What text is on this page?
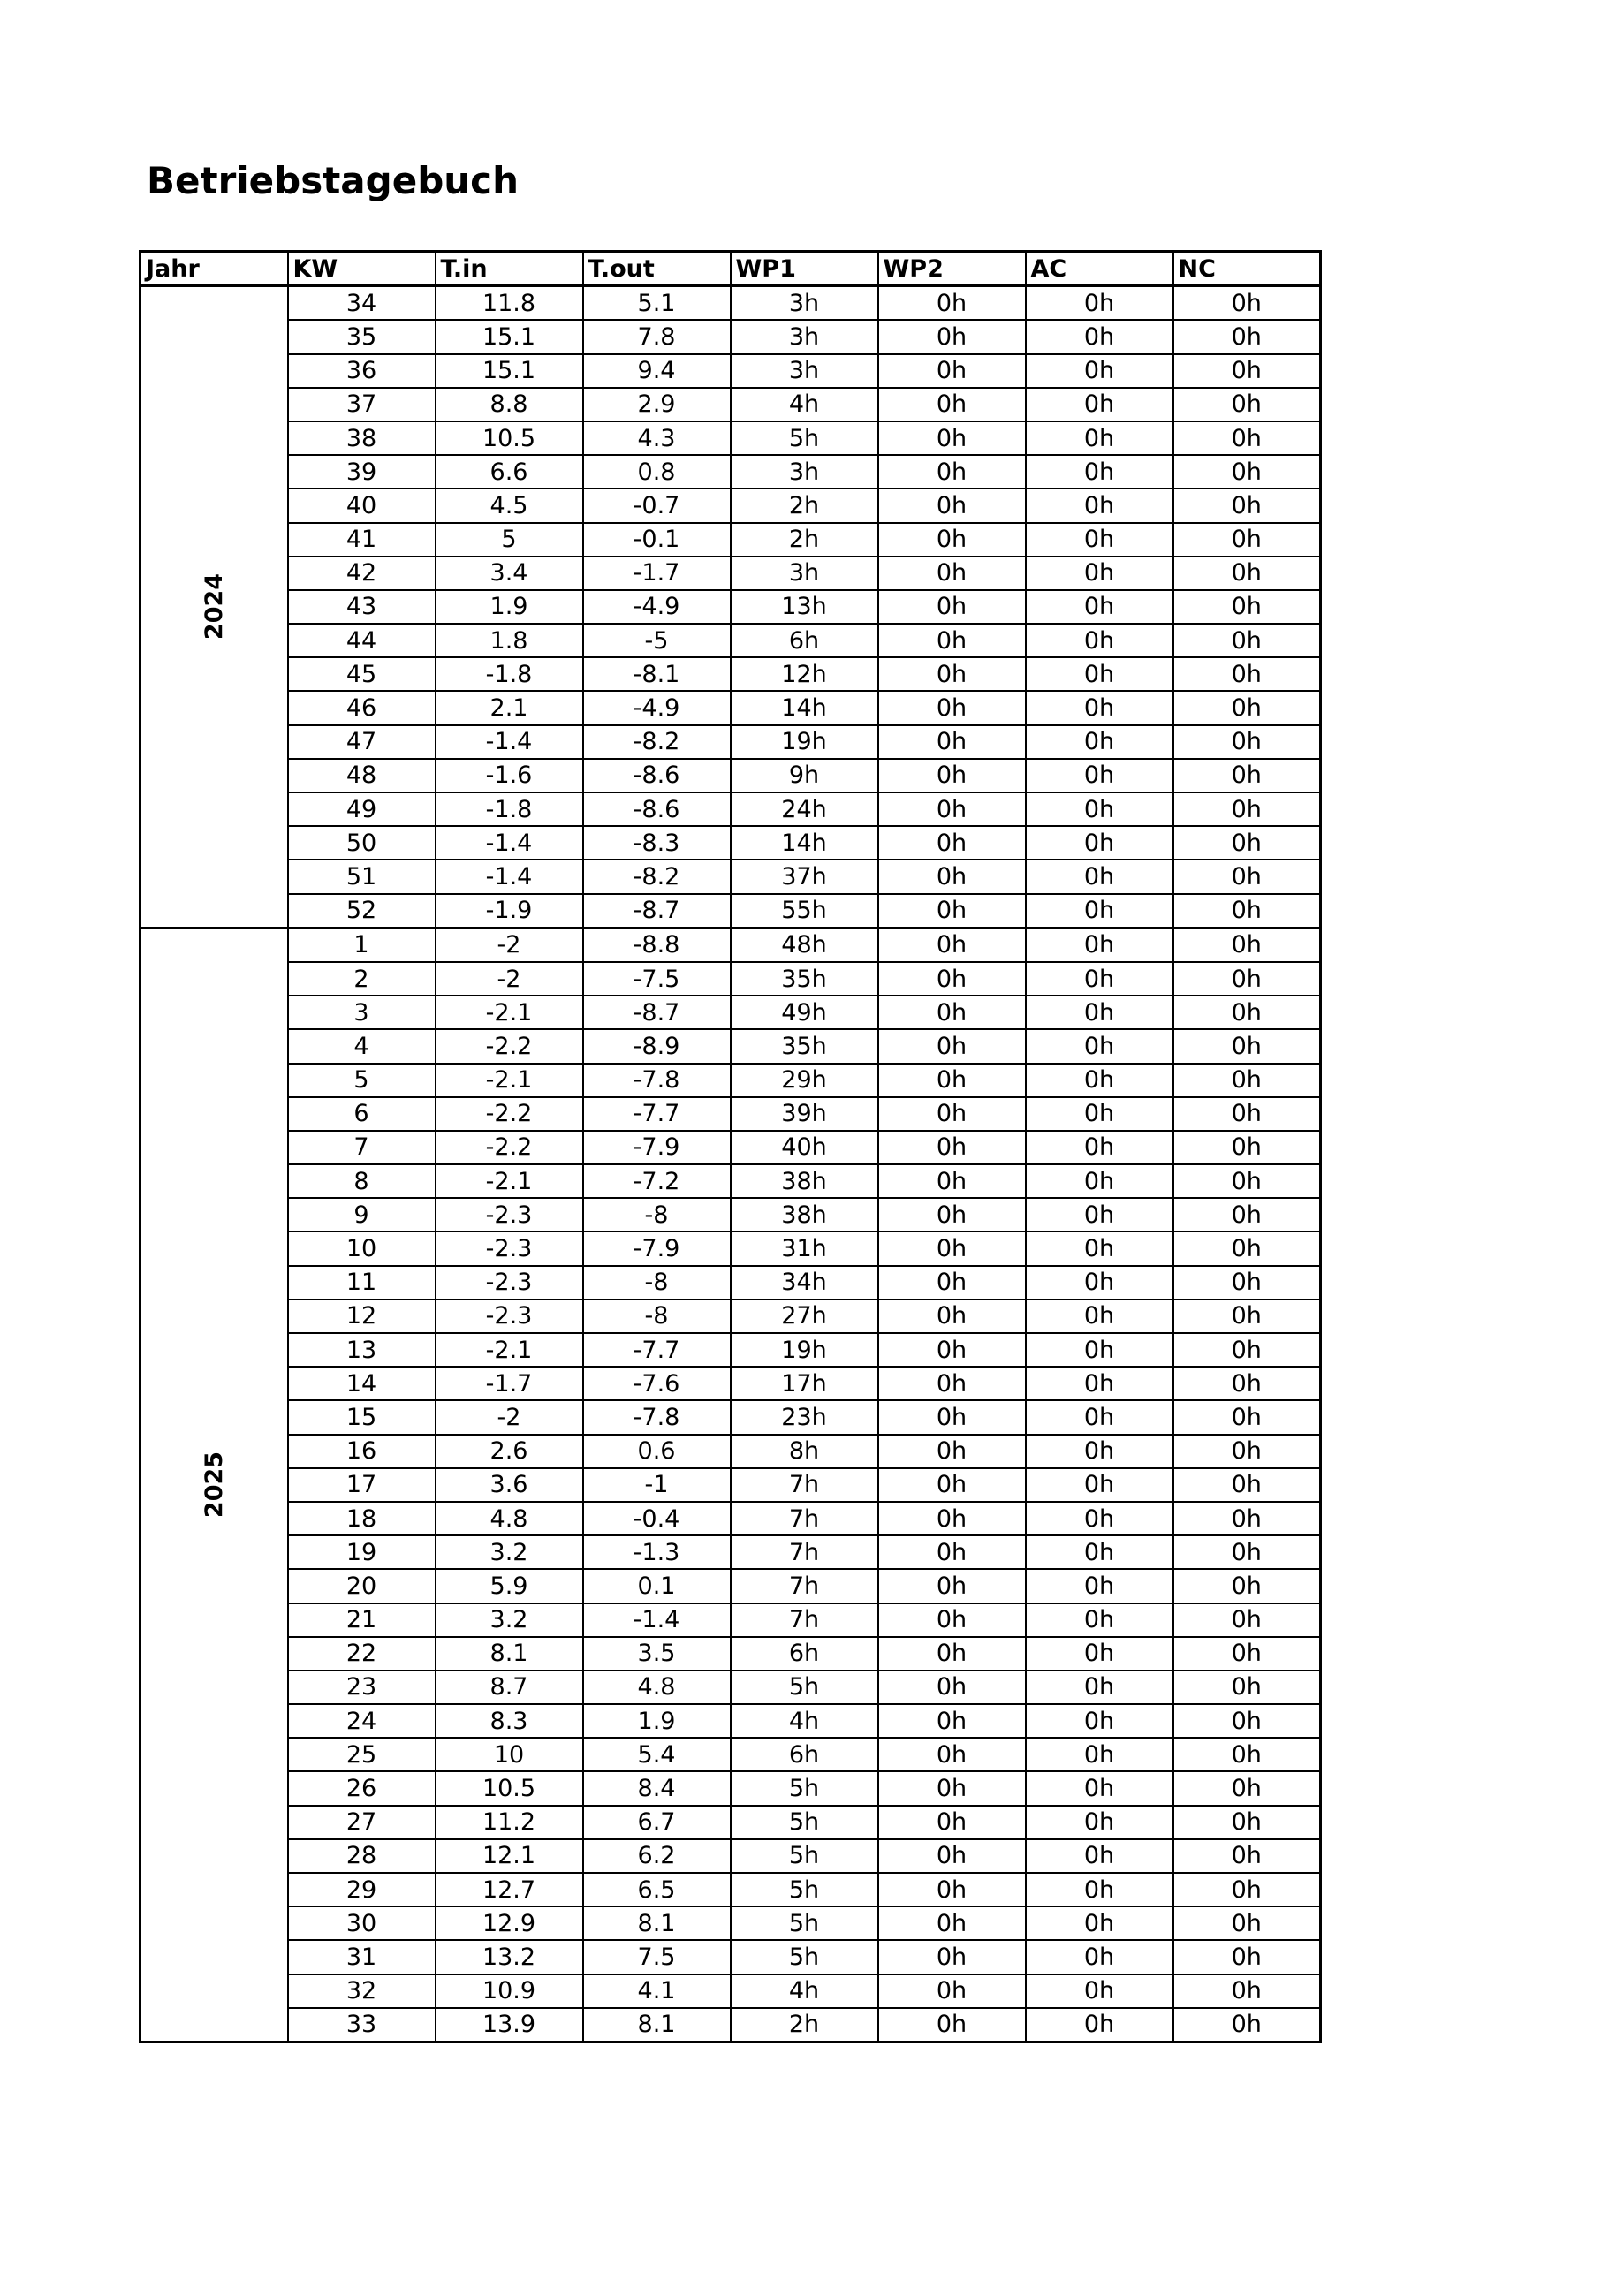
Betriebstagebuch
Jahr	KW	T.in	T.out	WP1	WP2	AC	NC
2024	34	11.8	5.1	3h	0h	0h	0h
	35	15.1	7.8	3h	0h	0h	0h
	36	15.1	9.4	3h	0h	0h	0h
	37	8.8	2.9	4h	0h	0h	0h
	38	10.5	4.3	5h	0h	0h	0h
	39	6.6	0.8	3h	0h	0h	0h
	40	4.5	-0.7	2h	0h	0h	0h
	41	5	-0.1	2h	0h	0h	0h
	42	3.4	-1.7	3h	0h	0h	0h
	43	1.9	-4.9	13h	0h	0h	0h
	44	1.8	-5	6h	0h	0h	0h
	45	-1.8	-8.1	12h	0h	0h	0h
	46	2.1	-4.9	14h	0h	0h	0h
	47	-1.4	-8.2	19h	0h	0h	0h
	48	-1.6	-8.6	9h	0h	0h	0h
	49	-1.8	-8.6	24h	0h	0h	0h
	50	-1.4	-8.3	14h	0h	0h	0h
	51	-1.4	-8.2	37h	0h	0h	0h
	52	-1.9	-8.7	55h	0h	0h	0h
2025	1	-2	-8.8	48h	0h	0h	0h
	2	-2	-7.5	35h	0h	0h	0h
	3	-2.1	-8.7	49h	0h	0h	0h
	4	-2.2	-8.9	35h	0h	0h	0h
	5	-2.1	-7.8	29h	0h	0h	0h
	6	-2.2	-7.7	39h	0h	0h	0h
	7	-2.2	-7.9	40h	0h	0h	0h
	8	-2.1	-7.2	38h	0h	0h	0h
	9	-2.3	-8	38h	0h	0h	0h
	10	-2.3	-7.9	31h	0h	0h	0h
	11	-2.3	-8	34h	0h	0h	0h
	12	-2.3	-8	27h	0h	0h	0h
	13	-2.1	-7.7	19h	0h	0h	0h
	14	-1.7	-7.6	17h	0h	0h	0h
	15	-2	-7.8	23h	0h	0h	0h
	16	2.6	0.6	8h	0h	0h	0h
	17	3.6	-1	7h	0h	0h	0h
	18	4.8	-0.4	7h	0h	0h	0h
	19	3.2	-1.3	7h	0h	0h	0h
	20	5.9	0.1	7h	0h	0h	0h
	21	3.2	-1.4	7h	0h	0h	0h
	22	8.1	3.5	6h	0h	0h	0h
	23	8.7	4.8	5h	0h	0h	0h
	24	8.3	1.9	4h	0h	0h	0h
	25	10	5.4	6h	0h	0h	0h
	26	10.5	8.4	5h	0h	0h	0h
	27	11.2	6.7	5h	0h	0h	0h
	28	12.1	6.2	5h	0h	0h	0h
	29	12.7	6.5	5h	0h	0h	0h
	30	12.9	8.1	5h	0h	0h	0h
	31	13.2	7.5	5h	0h	0h	0h
	32	10.9	4.1	4h	0h	0h	0h
	33	13.9	8.1	2h	0h	0h	0h
